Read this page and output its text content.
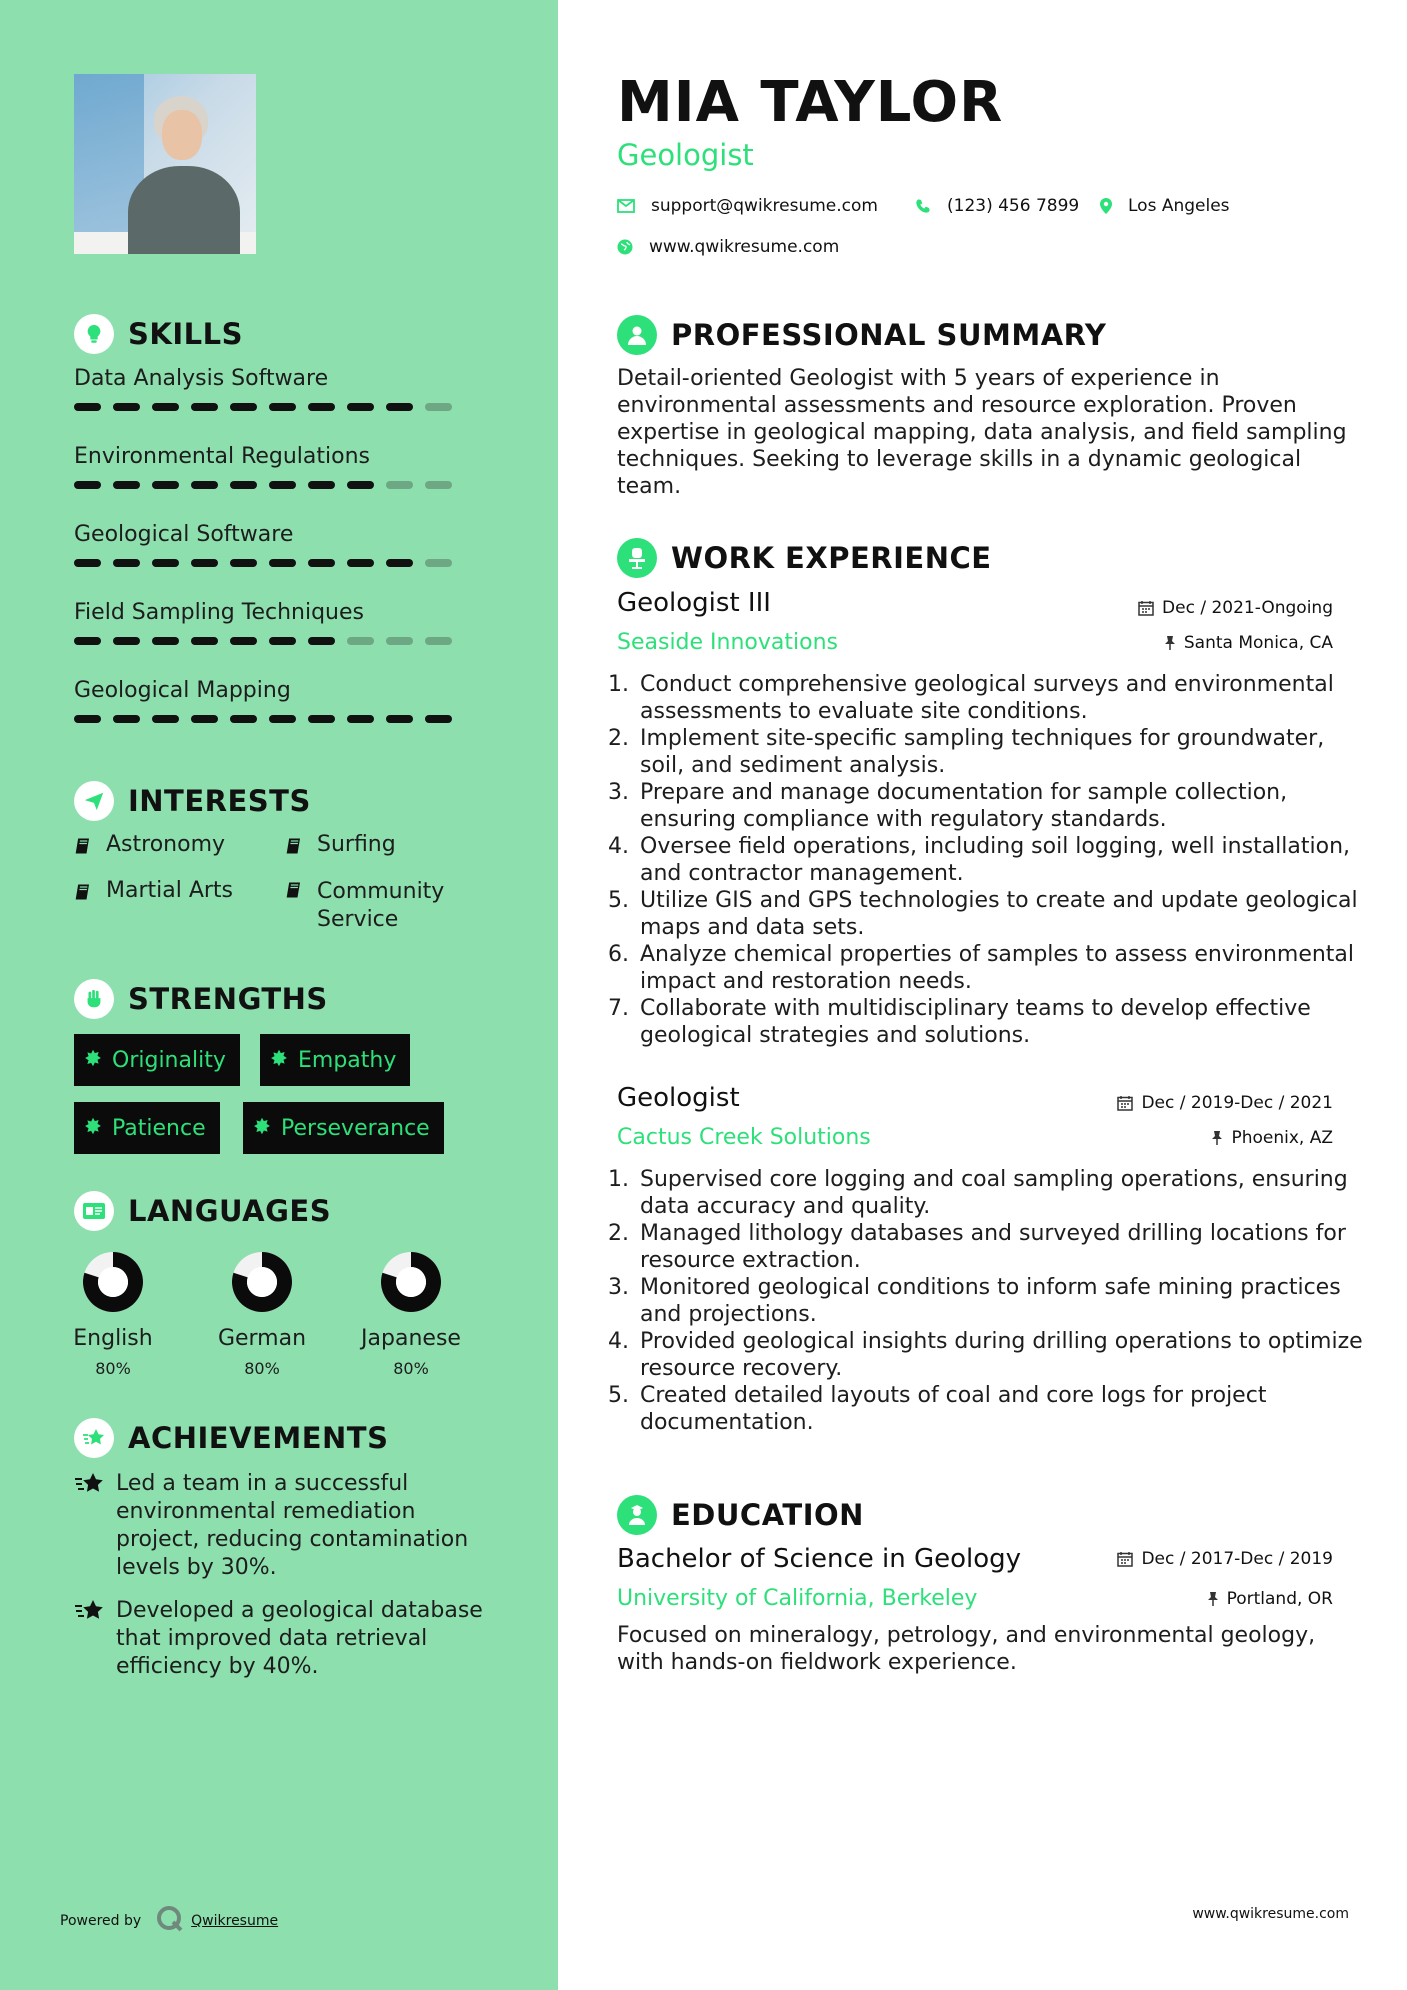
SKILLS
Data Analysis Software
Environmental Regulations
Geological Software
Field Sampling Techniques
Geological Mapping
INTERESTS
Astronomy	Surfing
Martial Arts	Community Service
STRENGTHS
Originality	Empathy
Patience	Perseverance
LANGUAGES
English
80%
German
80%
Japanese
80%
ACHIEVEMENTS
Led a team in a successful environmental remediation project, reducing contamination levels by 30%.
Developed a geological database that improved data retrieval efficiency by 40%.
Powered by	Qwikresume
MIA TAYLOR
Geologist
support@qwikresume.com	(123) 456 7899	Los Angeles
www.qwikresume.com
PROFESSIONAL SUMMARY
Detail-oriented Geologist with 5 years of experience in environmental assessments and resource exploration. Proven expertise in geological mapping, data analysis, and field sampling techniques. Seeking to leverage skills in a dynamic geological team.
WORK EXPERIENCE
Geologist III
Seaside Innovations
Dec / 2021-Ongoing
Santa Monica, CA
1. Conduct comprehensive geological surveys and environmental assessments to evaluate site conditions.
2. Implement site-specific sampling techniques for groundwater, soil, and sediment analysis.
3. Prepare and manage documentation for sample collection, ensuring compliance with regulatory standards.
4. Oversee field operations, including soil logging, well installation, and contractor management.
5. Utilize GIS and GPS technologies to create and update geological maps and data sets.
6. Analyze chemical properties of samples to assess environmental impact and restoration needs.
7. Collaborate with multidisciplinary teams to develop effective geological strategies and solutions.
Geologist
Cactus Creek Solutions
Dec / 2019-Dec / 2021
Phoenix, AZ
1. Supervised core logging and coal sampling operations, ensuring data accuracy and quality.
2. Managed lithology databases and surveyed drilling locations for resource extraction.
3. Monitored geological conditions to inform safe mining practices and projections.
4. Provided geological insights during drilling operations to optimize resource recovery.
5. Created detailed layouts of coal and core logs for project documentation.
EDUCATION
Bachelor of Science in Geology
University of California, Berkeley
Dec / 2017-Dec / 2019
Portland, OR
Focused on mineralogy, petrology, and environmental geology, with hands-on fieldwork experience.
www.qwikresume.com
